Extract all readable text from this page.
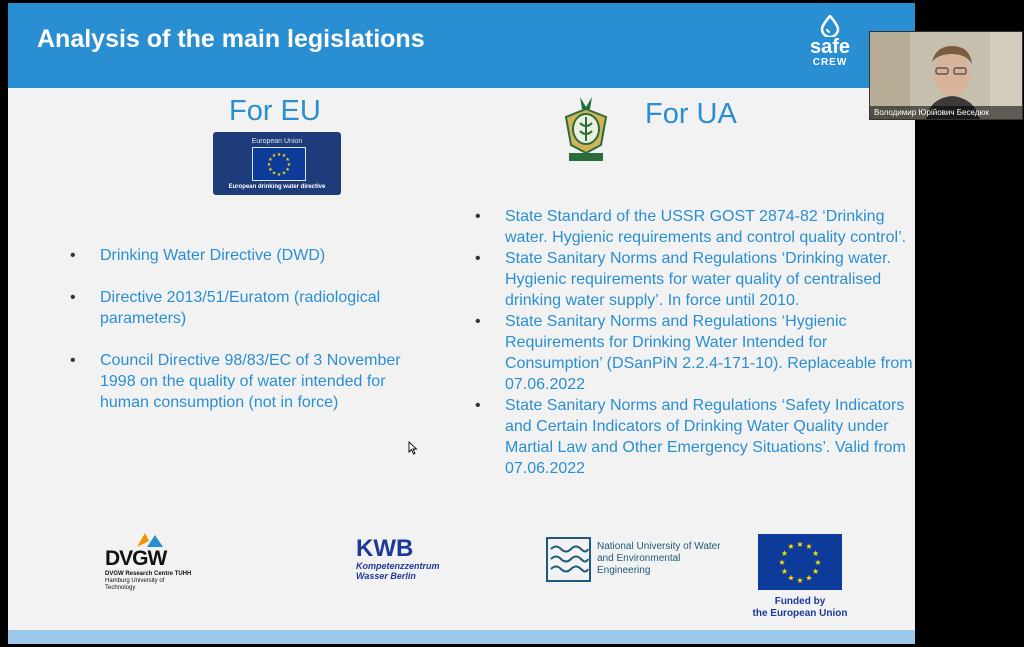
Analysis of the main legislations	safe
CREW
For EU	For UA
European Union
★
★
★
★
★
★
★
★
★ ★ ★
★
European drinking water directive
• Drinking Water Directive (DWD)
• Directive 2013/51/Euratom (radiological parameters)
• Council Directive 98/83/EC of 3 November 1998 on the quality of water intended for human consumption (not in force)
• State Standard of the USSR GOST 2874-82 ‘Drinking water. Hygienic requirements and control quality control’.
• State Sanitary Norms and Regulations ‘Drinking water. Hygienic requirements for water quality of centralised drinking water supply’. In force until 2010.
• State Sanitary Norms and Regulations ‘Hygienic Requirements for Drinking Water Intended for Consumption’ (DSanPiN 2.2.4-171-10). Replaceable from 07.06.2022
• State Sanitary Norms and Regulations ‘Safety Indicators and Certain Indicators of Drinking Water Quality under Martial Law and Other Emergency Situations’. Valid from 07.06.2022
DVGW
DVGW Research Centre TUHH
Hamburg University of Technology
KWB
Kompetenzzentrum
Wasser Berlin
National University of Water
and Environmental
Engineering
★
★
★
★
★
★
★
★
★ ★ ★
★
Funded by
the European Union
Володимир Юрійович Беседюк
